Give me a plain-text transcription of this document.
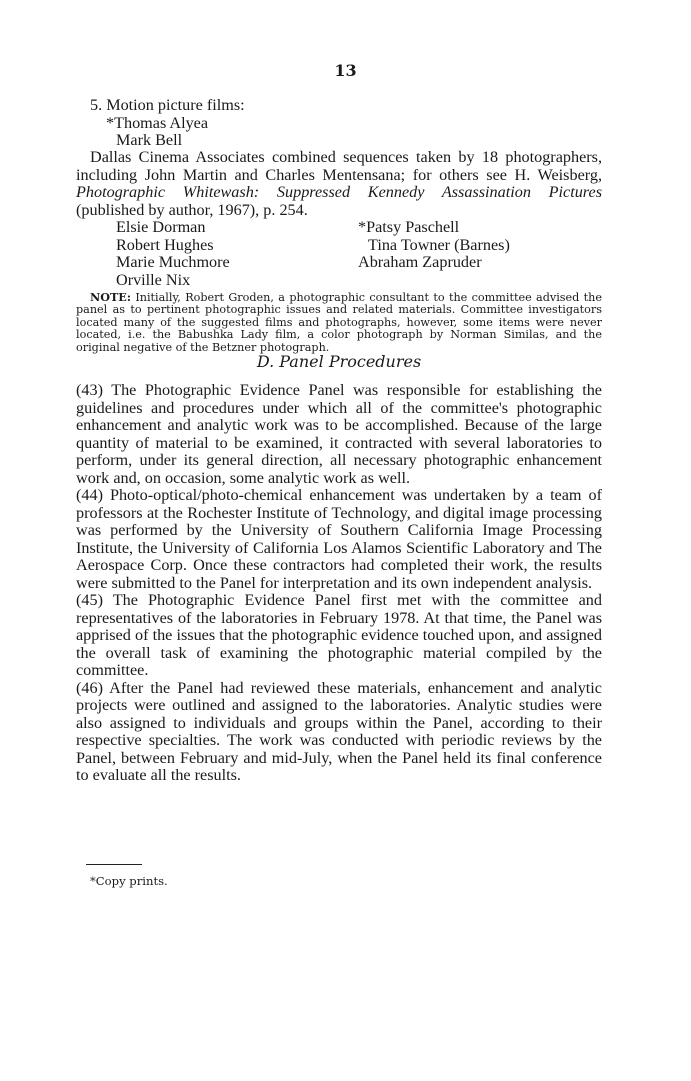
13
5. Motion picture films:
*Thomas Alyea
Mark Bell
Dallas Cinema Associates combined sequences taken by 18 photographers, including John Martin and Charles Mentensana; for others see H. Weisberg, Photographic Whitewash: Suppressed Kennedy Assassination Pictures (published by author, 1967), p. 254.
Elsie Dorman	*Patsy Paschell
Robert Hughes	Tina Towner (Barnes)
Marie Muchmore	Abraham Zapruder
Orville Nix
NOTE: Initially, Robert Groden, a photographic consultant to the committee advised the panel as to pertinent photographic issues and related materials. Committee investigators located many of the suggested films and photographs, however, some items were never located, i.e. the Babushka Lady film, a color photograph by Norman Similas, and the original negative of the Betzner photograph.
D. Panel Procedures

(43) The Photographic Evidence Panel was responsible for establishing the guidelines and procedures under which all of the committee's photographic enhancement and analytic work was to be accomplished. Because of the large quantity of material to be examined, it contracted with several laboratories to perform, under its general direction, all necessary photographic enhancement work and, on occasion, some analytic work as well.

(44) Photo-optical/photo-chemical enhancement was undertaken by a team of professors at the Rochester Institute of Technology, and digital image processing was performed by the University of Southern California Image Processing Institute, the University of California Los Alamos Scientific Laboratory and The Aerospace Corp. Once these contractors had completed their work, the results were submitted to the Panel for interpretation and its own independent analysis.

(45) The Photographic Evidence Panel first met with the committee and representatives of the laboratories in February 1978. At that time, the Panel was apprised of the issues that the photographic evidence touched upon, and assigned the overall task of examining the photographic material compiled by the committee.

(46) After the Panel had reviewed these materials, enhancement and analytic projects were outlined and assigned to the laboratories. Analytic studies were also assigned to individuals and groups within the Panel, according to their respective specialties. The work was conducted with periodic reviews by the Panel, between February and mid-July, when the Panel held its final conference to evaluate all the results.

*Copy prints.
